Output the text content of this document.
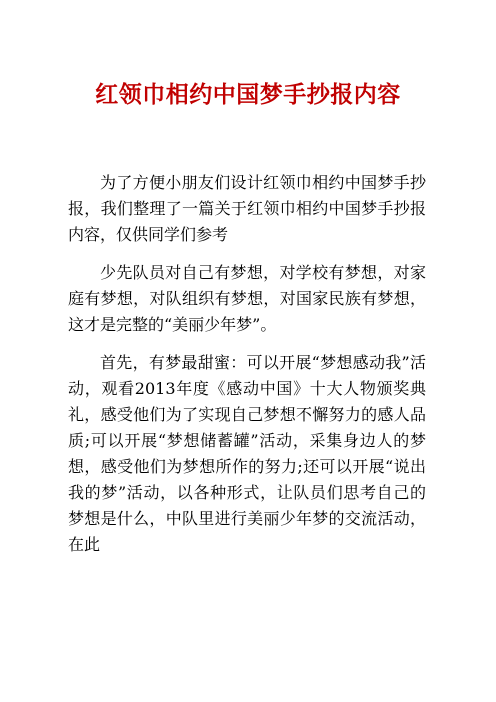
红领巾相约中国梦手抄报内容

为了方便小朋友们设计红领巾相约中国梦手抄报，我们整理了一篇关于红领巾相约中国梦手抄报内容，仅供同学们参考

少先队员对自己有梦想，对学校有梦想，对家庭有梦想，对队组织有梦想，对国家民族有梦想，这才是完整的“美丽少年梦”。

首先，有梦最甜蜜：可以开展“梦想感动我”活动，观看2013年度《感动中国》十大人物颁奖典礼，感受他们为了实现自己梦想不懈努力的感人品质;可以开展“梦想储蓄罐”活动，采集身边人的梦想，感受他们为梦想所作的努力;还可以开展“说出我的梦”活动，以各种形式，让队员们思考自己的梦想是什么，中队里进行美丽少年梦的交流活动，在此
